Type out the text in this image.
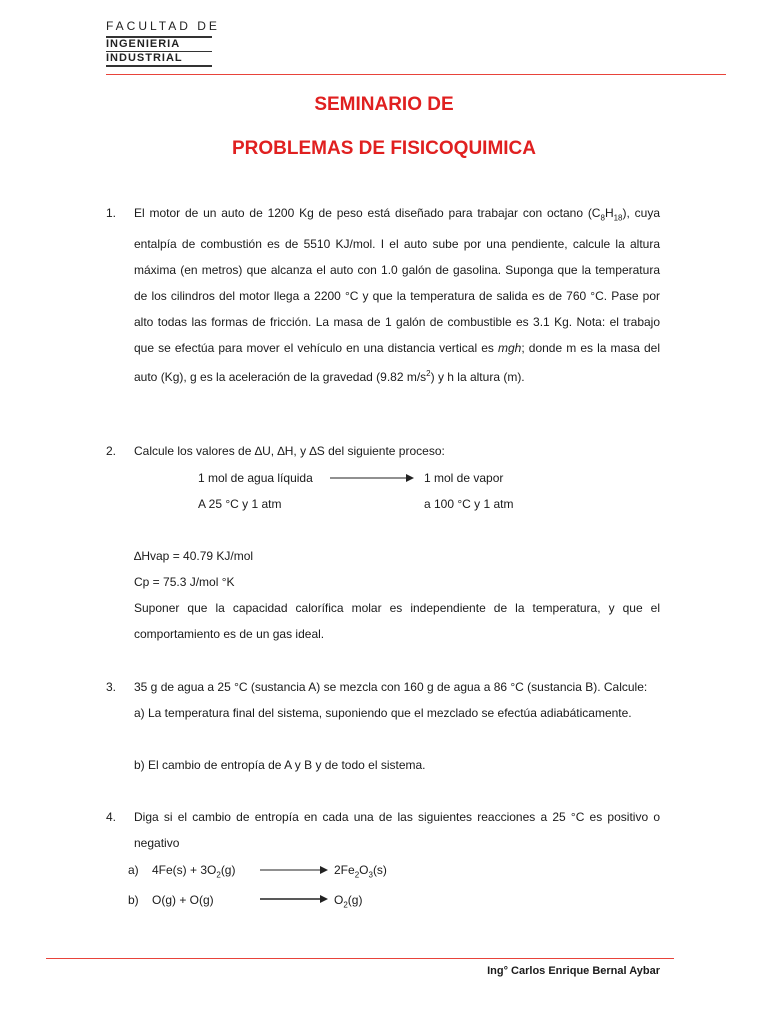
FACULTAD DE
INGENIERIA
INDUSTRIAL
SEMINARIO DE
PROBLEMAS DE FISICOQUIMICA
1.	El motor de un auto de 1200 Kg de peso está diseñado para trabajar con octano $(C_8H_{18})$, cuya entalpía de combustión es de 5510 KJ/mol. I el auto sube por una pendiente, calcule la altura máxima (en metros) que alcanza el auto con 1.0 galón de gasolina. Suponga que la temperatura de los cilindros del motor llega a 2200 °C y que la temperatura de salida es de 760 °C. Pase por alto todas las formas de fricción. La masa de 1 galón de combustible es 3.1 Kg. Nota: el trabajo que se efectúa para mover el vehículo en una distancia vertical es mgh; donde m es la masa del auto (Kg), g es la aceleración de la gravedad (9.82 $m/s^2$) y h la altura (m).
2.	Calcule los valores de ∆U, ∆H, y ∆S del siguiente proceso:
1 mol de agua líquida	1 mol de vapor
A 25 °C y 1 atm	a 100 °C y 1 atm
∆Hvap = 40.79 KJ/mol
Cp = 75.3 J/mol °K
Suponer que la capacidad calorífica molar es independiente de la temperatura, y que el comportamiento es de un gas ideal.
3.	35 g de agua a 25 °C (sustancia A) se mezcla con 160 g de agua a 86 °C (sustancia B). Calcule:
a) La temperatura final del sistema, suponiendo que el mezclado se efectúa adiabáticamente.
b) El cambio de entropía de A y B y de todo el sistema.
4.	Diga si el cambio de entropía en cada una de las siguientes reacciones a 25 °C es positivo o negativo
a) $4Fe(s) + 3O_2(g)$	$2Fe_2O_3(s)$
b) O(g) + O(g)	$O_2(g)$
Ing° Carlos Enrique Bernal Aybar
